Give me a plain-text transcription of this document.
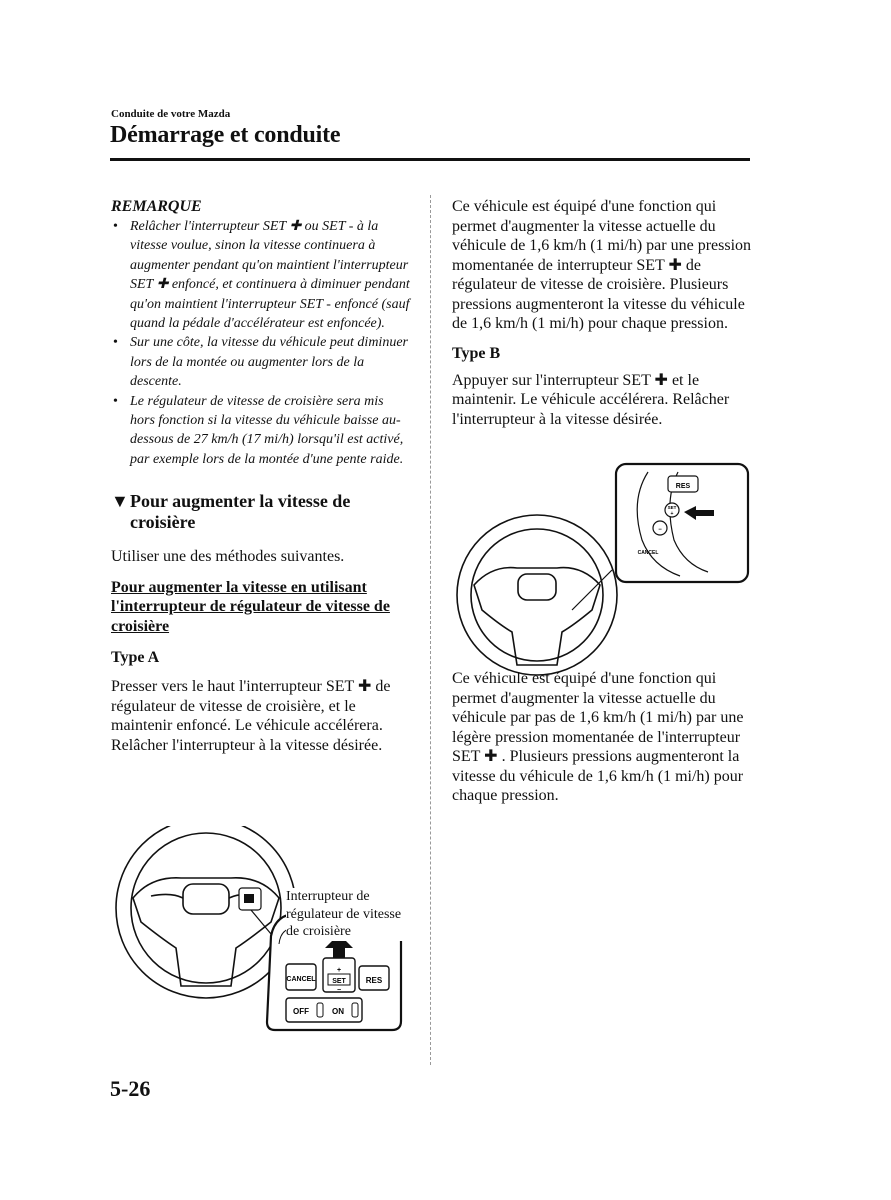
Conduite de votre Mazda
Démarrage et conduite
REMARQUE
• Relâcher l'interrupteur SET ✚ ou SET - à la vitesse voulue, sinon la vitesse continuera à augmenter pendant qu'on maintient l'interrupteur SET ✚ enfoncé, et continuera à diminuer pendant qu'on maintient l'interrupteur SET - enfoncé (sauf quand la pédale d'accélérateur est enfoncée).
• Sur une côte, la vitesse du véhicule peut diminuer lors de la montée ou augmenter lors de la descente.
• Le régulateur de vitesse de croisière sera mis hors fonction si la vitesse du véhicule baisse au-dessous de 27 km/h (17 mi/h) lorsqu'il est activé, par exemple lors de la montée d'une pente raide.
▼ Pour augmenter la vitesse de croisière

Utiliser une des méthodes suivantes.

Pour augmenter la vitesse en utilisant l'interrupteur de régulateur de vitesse de croisière
Type A

Presser vers le haut l'interrupteur SET ✚ de régulateur de vitesse de croisière, et le maintenir enfoncé. Le véhicule accélérera. Relâcher l'interrupteur à la vitesse désirée.

CANCEL SET
+
−
RES
OFF	ON
Interrupteur de régulateur de vitesse de croisière

Ce véhicule est équipé d'une fonction qui permet d'augmenter la vitesse actuelle du véhicule de 1,6 km/h (1 mi/h) par une pression momentanée de interrupteur SET ✚ de régulateur de vitesse de croisière. Plusieurs pressions augmenteront la vitesse du véhicule de 1,6 km/h (1 mi/h) pour chaque pression.

Type B

Appuyer sur l'interrupteur SET ✚ et le maintenir. Le véhicule accélérera. Relâcher l'interrupteur à la vitesse désirée.

Ce véhicule est équipé d'une fonction qui permet d'augmenter la vitesse actuelle du véhicule par pas de 1,6 km/h (1 mi/h) par une légère pression momentanée de l'interrupteur SET ✚ . Plusieurs pressions augmenteront la vitesse du véhicule de 1,6 km/h (1 mi/h) pour chaque pression.

RES
SET
+
−
CANCEL
5-26
